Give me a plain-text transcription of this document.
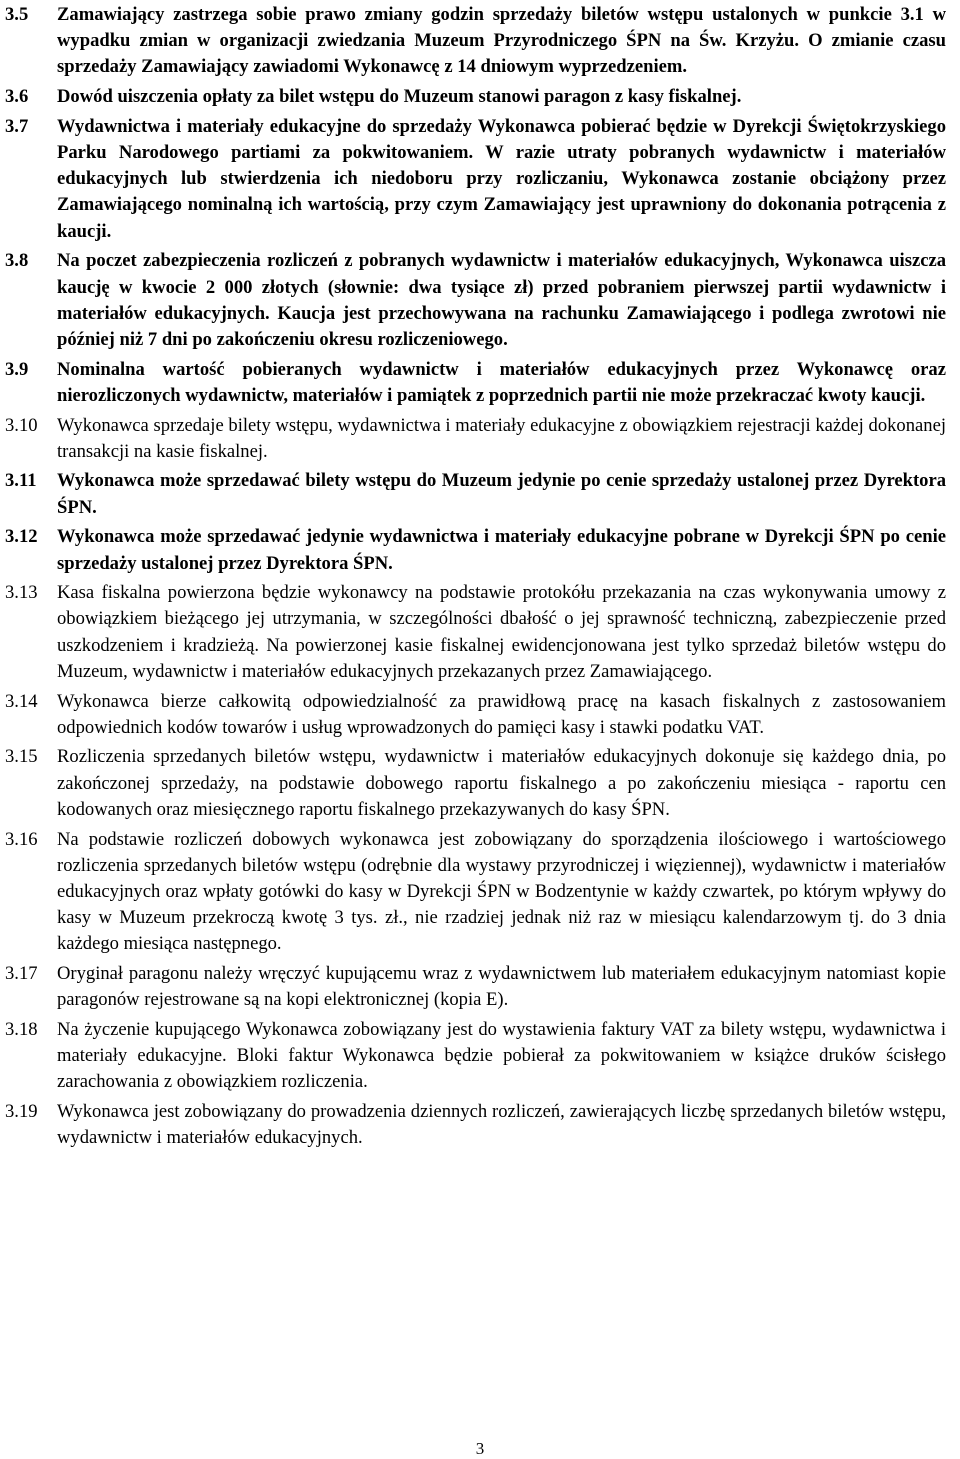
3.5	Zamawiający zastrzega sobie prawo zmiany godzin sprzedaży biletów wstępu ustalonych w punkcie 3.1 w wypadku zmian w organizacji zwiedzania Muzeum Przyrodniczego ŚPN na Św. Krzyżu. O zmianie czasu sprzedaży Zamawiający zawiadomi Wykonawcę z 14 dniowym wyprzedzeniem.
3.6	Dowód uiszczenia opłaty za bilet wstępu do Muzeum stanowi paragon z kasy fiskalnej.
3.7	Wydawnictwa i materiały edukacyjne do sprzedaży Wykonawca pobierać będzie w Dyrekcji Świętokrzyskiego Parku Narodowego partiami za pokwitowaniem. W razie utraty pobranych wydawnictw i materiałów edukacyjnych lub stwierdzenia ich niedoboru przy rozliczaniu, Wykonawca zostanie obciążony przez Zamawiającego nominalną ich wartością, przy czym Zamawiający jest uprawniony do dokonania potrącenia z kaucji.
3.8	Na poczet zabezpieczenia rozliczeń z pobranych wydawnictw i materiałów edukacyjnych, Wykonawca uiszcza kaucję w kwocie 2 000 złotych (słownie: dwa tysiące zł) przed pobraniem pierwszej partii wydawnictw i materiałów edukacyjnych. Kaucja jest przechowywana na rachunku Zamawiającego i podlega zwrotowi nie później niż 7 dni po zakończeniu okresu rozliczeniowego.
3.9	Nominalna wartość pobieranych wydawnictw i materiałów edukacyjnych przez Wykonawcę oraz nierozliczonych wydawnictw, materiałów i pamiątek z poprzednich partii nie może przekraczać kwoty kaucji.
3.10	Wykonawca sprzedaje bilety wstępu, wydawnictwa i materiały edukacyjne z obowiązkiem rejestracji każdej dokonanej transakcji na kasie fiskalnej.
3.11	Wykonawca może sprzedawać bilety wstępu do Muzeum jedynie po cenie sprzedaży ustalonej przez Dyrektora ŚPN.
3.12	Wykonawca może sprzedawać jedynie wydawnictwa i materiały edukacyjne pobrane w Dyrekcji ŚPN po cenie sprzedaży ustalonej przez Dyrektora ŚPN.
3.13	Kasa fiskalna powierzona będzie wykonawcy na podstawie protokółu przekazania na czas wykonywania umowy z obowiązkiem bieżącego jej utrzymania, w szczególności dbałość o jej sprawność techniczną, zabezpieczenie przed uszkodzeniem i kradzieżą. Na powierzonej kasie fiskalnej ewidencjonowana jest tylko sprzedaż biletów wstępu do Muzeum, wydawnictw i materiałów edukacyjnych przekazanych przez Zamawiającego.
3.14	Wykonawca bierze całkowitą odpowiedzialność za prawidłową pracę na kasach fiskalnych z zastosowaniem odpowiednich kodów towarów i usług wprowadzonych do pamięci kasy i stawki podatku VAT.
3.15	Rozliczenia sprzedanych biletów wstępu, wydawnictw i materiałów edukacyjnych dokonuje się każdego dnia, po zakończonej sprzedaży, na podstawie dobowego raportu fiskalnego a po zakończeniu miesiąca - raportu cen kodowanych oraz miesięcznego raportu fiskalnego przekazywanych do kasy ŚPN.
3.16	Na podstawie rozliczeń dobowych wykonawca jest zobowiązany do sporządzenia ilościowego i wartościowego rozliczenia sprzedanych biletów wstępu (odrębnie dla wystawy przyrodniczej i więziennej), wydawnictw i materiałów edukacyjnych oraz wpłaty gotówki do kasy w Dyrekcji ŚPN w Bodzentynie w każdy czwartek, po którym wpływy do kasy w Muzeum przekroczą kwotę 3 tys. zł., nie rzadziej jednak niż raz w miesiącu kalendarzowym tj. do 3 dnia każdego miesiąca następnego.
3.17	Oryginał paragonu należy wręczyć kupującemu wraz z wydawnictwem lub materiałem edukacyjnym natomiast kopie paragonów rejestrowane są na kopi elektronicznej (kopia E).
3.18	Na życzenie kupującego Wykonawca zobowiązany jest do wystawienia faktury VAT za bilety wstępu, wydawnictwa i materiały edukacyjne. Bloki faktur Wykonawca będzie pobierał za pokwitowaniem w książce druków ścisłego zarachowania z obowiązkiem rozliczenia.
3.19	Wykonawca jest zobowiązany do prowadzenia dziennych rozliczeń, zawierających liczbę sprzedanych biletów wstępu, wydawnictw i materiałów edukacyjnych.
3
